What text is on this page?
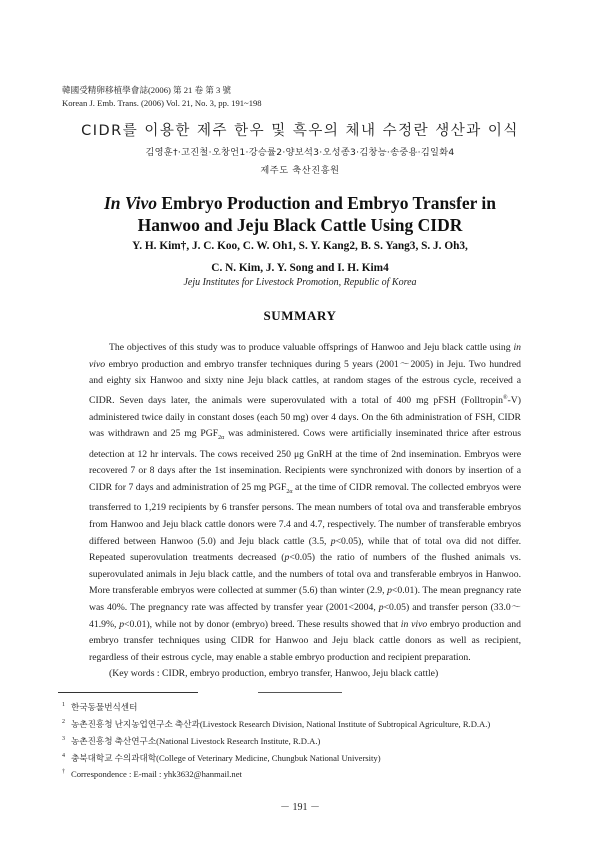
韓國受精卵移植學會誌(2006) 第 21 卷 第 3 號
Korean J. Emb. Trans. (2006) Vol. 21, No. 3, pp. 191~198
CIDR를 이용한 제주 한우 및 흑우의 체내 수정란 생산과 이식
김영훈†·고진철·오창언1·강승률2·양보석3·오성종3·김창능·송중용·김일화4
제주도 축산진흥원
In Vivo Embryo Production and Embryo Transfer in
Hanwoo and Jeju Black Cattle Using CIDR
Y. H. Kim†, J. C. Koo, C. W. Oh1, S. Y. Kang2, B. S. Yang3, S. J. Oh3,
C. N. Kim, J. Y. Song and I. H. Kim4
Jeju Institutes for Livestock Promotion, Republic of Korea
SUMMARY

The objectives of this study was to produce valuable offsprings of Hanwoo and Jeju black cattle using in vivo embryo production and embryo transfer techniques during 5 years (2001～2005) in Jeju. Two hundred and eighty six Hanwoo and sixty nine Jeju black cattles, at random stages of the estrous cycle, received a CIDR. Seven days later, the animals were superovulated with a total of 400 mg pFSH (Folltropin®-V) administered twice daily in constant doses (each 50 mg) over 4 days. On the 6th administration of FSH, CIDR was withdrawn and 25 mg $PGF_{2\alpha}$ was administered. Cows were artificially inseminated thrice after estrous detection at 12 hr intervals. The cows received 250 μg GnRH at the time of 2nd insemination. Embryos were recovered 7 or 8 days after the 1st insemination. Recipients were synchronized with donors by insertion of a CIDR for 7 days and administration of 25 mg $PGF_{2\alpha}$ at the time of CIDR removal. The collected embryos were transferred to 1,219 recipients by 6 transfer persons. The mean numbers of total ova and transferable embryos from Hanwoo and Jeju black cattle donors were 7.4 and 4.7, respectively. The number of transferable embryos differed between Hanwoo (5.0) and Jeju black cattle (3.5, p<0.05), while that of total ova did not differ. Repeated superovulation treatments decreased (p<0.05) the ratio of numbers of the flushed animals vs. superovulated animals in Jeju black cattle, and the numbers of total ova and transferable embryos in Hanwoo. More transferable embryos were collected at summer (5.6) than winter (2.9, p<0.01). The mean pregnancy rate was 40%. The pregnancy rate was affected by transfer year (2001<2004, p<0.05) and transfer person (33.0～41.9%, p<0.01), while not by donor (embryo) breed. These results showed that in vivo embryo production and embryo transfer techniques using CIDR for Hanwoo and Jeju black cattle donors as well as recipient, regardless of their estrous cycle, may enable a stable embryo production and recipient preparation.

(Key words : CIDR, embryo production, embryo transfer, Hanwoo, Jeju black cattle)

$^1$ 한국동물번식센터
$^2$ 농촌진흥청 난지농업연구소 축산과(Livestock Research Division, National Institute of Subtropical Agriculture, R.D.A.)
$^3$ 농촌진흥청 축산연구소(National Livestock Research Institute, R.D.A.)
$^4$ 충북대학교 수의과대학(College of Veterinary Medicine, Chungbuk National University)
† Correspondence : E-mail : yhk3632@hanmail.net
－ 191 －
